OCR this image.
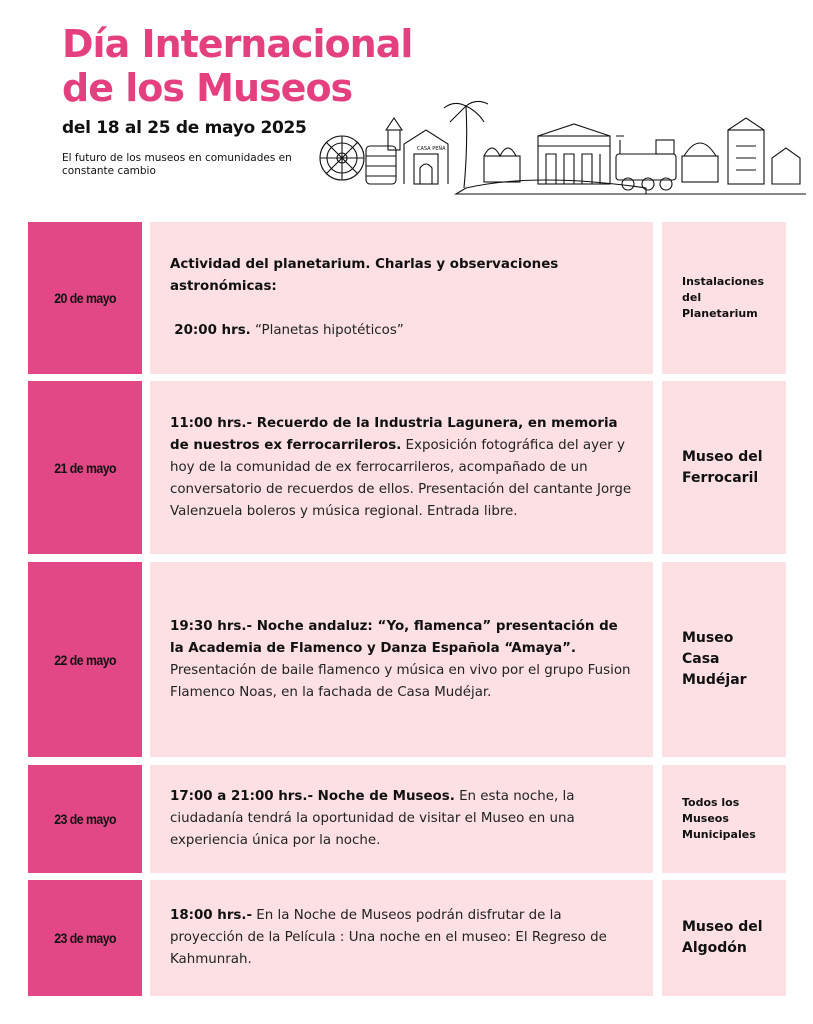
Día Internacional
de los Museos
del 18 al 25 de mayo 2025
El futuro de los museos en comunidades en constante cambio
CASA PEÑA
20 de mayo

Actividad del planetarium. Charlas y observaciones astronómicas:

20:00 hrs. “Planetas hipotéticos”

Instalaciones del Planetarium
21 de mayo

11:00 hrs.- Recuerdo de la Industria Lagunera, en memoria de nuestros ex ferrocarrileros. Exposición fotográfica del ayer y hoy de la comunidad de ex ferrocarrileros, acompañado de un conversatorio de recuerdos de ellos. Presentación del cantante Jorge Valenzuela boleros y música regional. Entrada libre.

Museo del Ferrocaril
22 de mayo

19:30 hrs.- Noche andaluz: “Yo, flamenca” presentación de la Academia de Flamenco y Danza Española “Amaya”. Presentación de baile flamenco y música en vivo por el grupo Fusion Flamenco Noas, en la fachada de Casa Mudéjar.

Museo Casa Mudéjar
23 de mayo

17:00 a 21:00 hrs.- Noche de Museos. En esta noche, la ciudadanía tendrá la oportunidad de visitar el Museo en una experiencia única por la noche.

Todos los Museos Municipales
23 de mayo

18:00 hrs.- En la Noche de Museos podrán disfrutar de la proyección de la Película : Una noche en el museo: El Regreso de Kahmunrah.

Museo del Algodón
